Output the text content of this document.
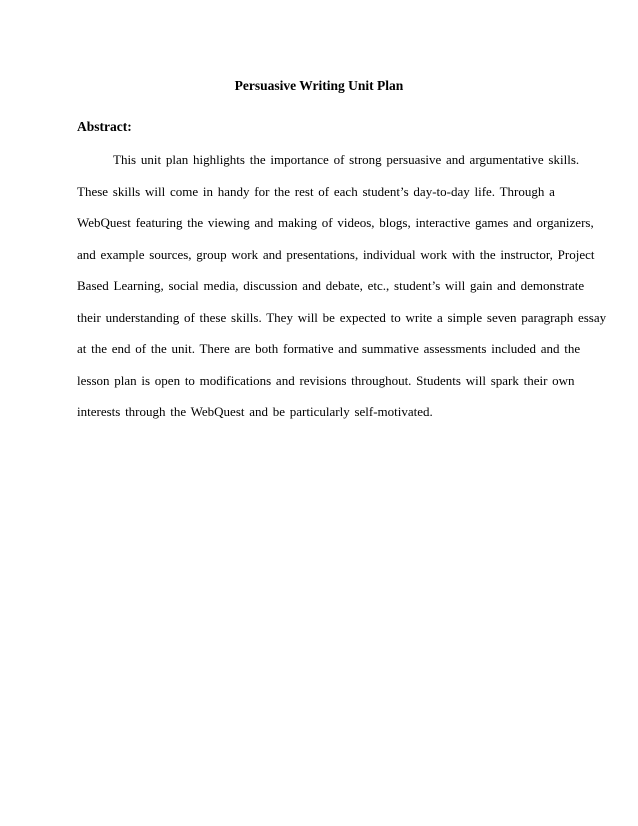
Persuasive Writing Unit Plan
Abstract:
This unit plan highlights the importance of strong persuasive and argumentative skills.
These skills will come in handy for the rest of each student’s day-to-day life. Through a
WebQuest featuring the viewing and making of videos, blogs, interactive games and organizers,
and example sources, group work and presentations, individual work with the instructor, Project
Based Learning, social media, discussion and debate, etc., student’s will gain and demonstrate
their understanding of these skills. They will be expected to write a simple seven paragraph essay
at the end of the unit. There are both formative and summative assessments included and the
lesson plan is open to modifications and revisions throughout. Students will spark their own
interests through the WebQuest and be particularly self-motivated.
